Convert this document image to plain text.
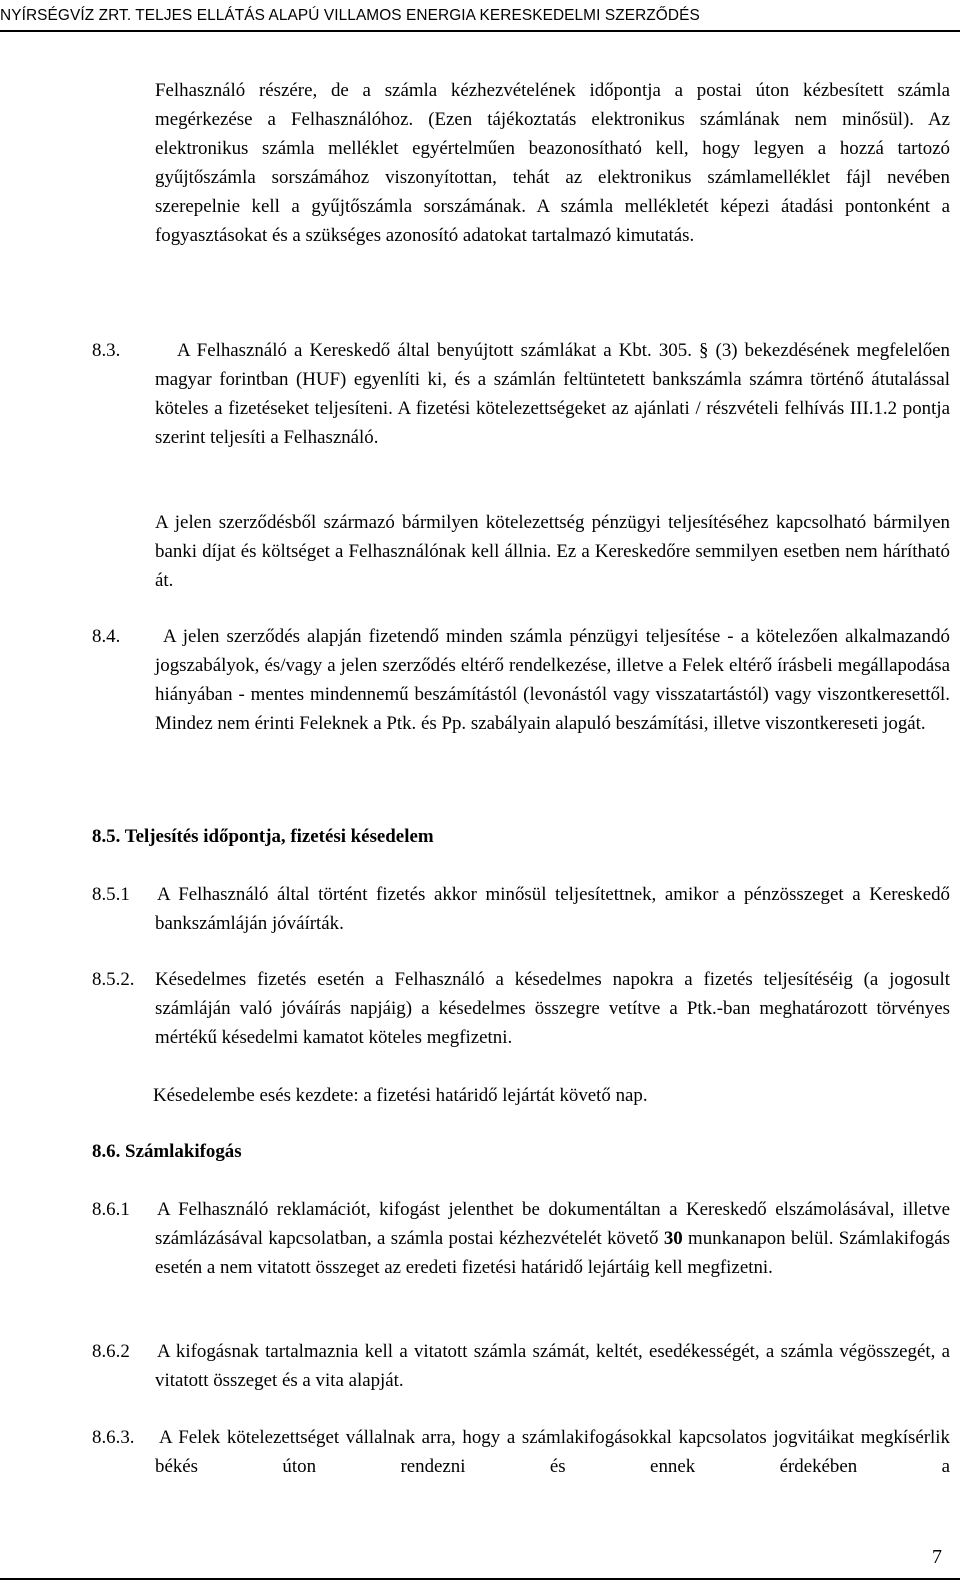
NYÍRSÉGVÍZ ZRT. TELJES ELLÁTÁS ALAPÚ VILLAMOS ENERGIA KERESKEDELMI SZERZŐDÉS

Felhasználó részére, de a számla kézhezvételének időpontja a postai úton kézbesített számla megérkezése a Felhasználóhoz. (Ezen tájékoztatás elektronikus számlának nem minősül). Az elektronikus számla melléklet egyértelműen beazonosítható kell, hogy legyen a hozzá tartozó gyűjtőszámla sorszámához viszonyítottan, tehát az elektronikus számlamelléklet fájl nevében szerepelnie kell a gyűjtőszámla sorszámának. A számla mellékletét képezi átadási pontonként a fogyasztásokat és a szükséges azonosító adatokat tartalmazó kimutatás.

8.3.	A Felhasználó a Kereskedő által benyújtott számlákat a Kbt. 305. § (3) bekezdésének megfelelően magyar forintban (HUF) egyenlíti ki, és a számlán feltüntetett bankszámla számra történő átutalással köteles a fizetéseket teljesíteni. A fizetési kötelezettségeket az ajánlati / részvételi felhívás III.1.2 pontja szerint teljesíti a Felhasználó.

A jelen szerződésből származó bármilyen kötelezettség pénzügyi teljesítéséhez kapcsolható bármilyen banki díjat és költséget a Felhasználónak kell állnia. Ez a Kereskedőre semmilyen esetben nem hárítható át.

8.4.	A jelen szerződés alapján fizetendő minden számla pénzügyi teljesítése - a kötelezően alkalmazandó jogszabályok, és/vagy a jelen szerződés eltérő rendelkezése, illetve a Felek eltérő írásbeli megállapodása hiányában - mentes mindennemű beszámítástól (levonástól vagy visszatartástól) vagy viszontkeresettől. Mindez nem érinti Feleknek a Ptk. és Pp. szabályain alapuló beszámítási, illetve viszontkereseti jogát.

8.5. Teljesítés időpontja, fizetési késedelem
8.5.1 A Felhasználó által történt fizetés akkor minősül teljesítettnek, amikor a pénzösszeget a Kereskedő bankszámláján jóváírták.

8.5.2. Késedelmes fizetés esetén a Felhasználó a késedelmes napokra a fizetés teljesítéséig (a jogosult számláján való jóváírás napjáig) a késedelmes összegre vetítve a Ptk.-ban meghatározott törvényes mértékű késedelmi kamatot köteles megfizetni.

Késedelembe esés kezdete: a fizetési határidő lejártát követő nap.
8.6. Számlakifogás
8.6.1 A Felhasználó reklamációt, kifogást jelenthet be dokumentáltan a Kereskedő elszámolásával, illetve számlázásával kapcsolatban, a számla postai kézhezvételét követő 30 munkanapon belül. Számlakifogás esetén a nem vitatott összeget az eredeti fizetési határidő lejártáig kell megfizetni.

8.6.2 A kifogásnak tartalmaznia kell a vitatott számla számát, keltét, esedékességét, a számla végösszegét, a vitatott összeget és a vita alapját.

8.6.3. A Felek kötelezettséget vállalnak arra, hogy a számlakifogásokkal kapcsolatos jogvitáikat megkísérlik békés úton rendezni és ennek érdekében a

7
